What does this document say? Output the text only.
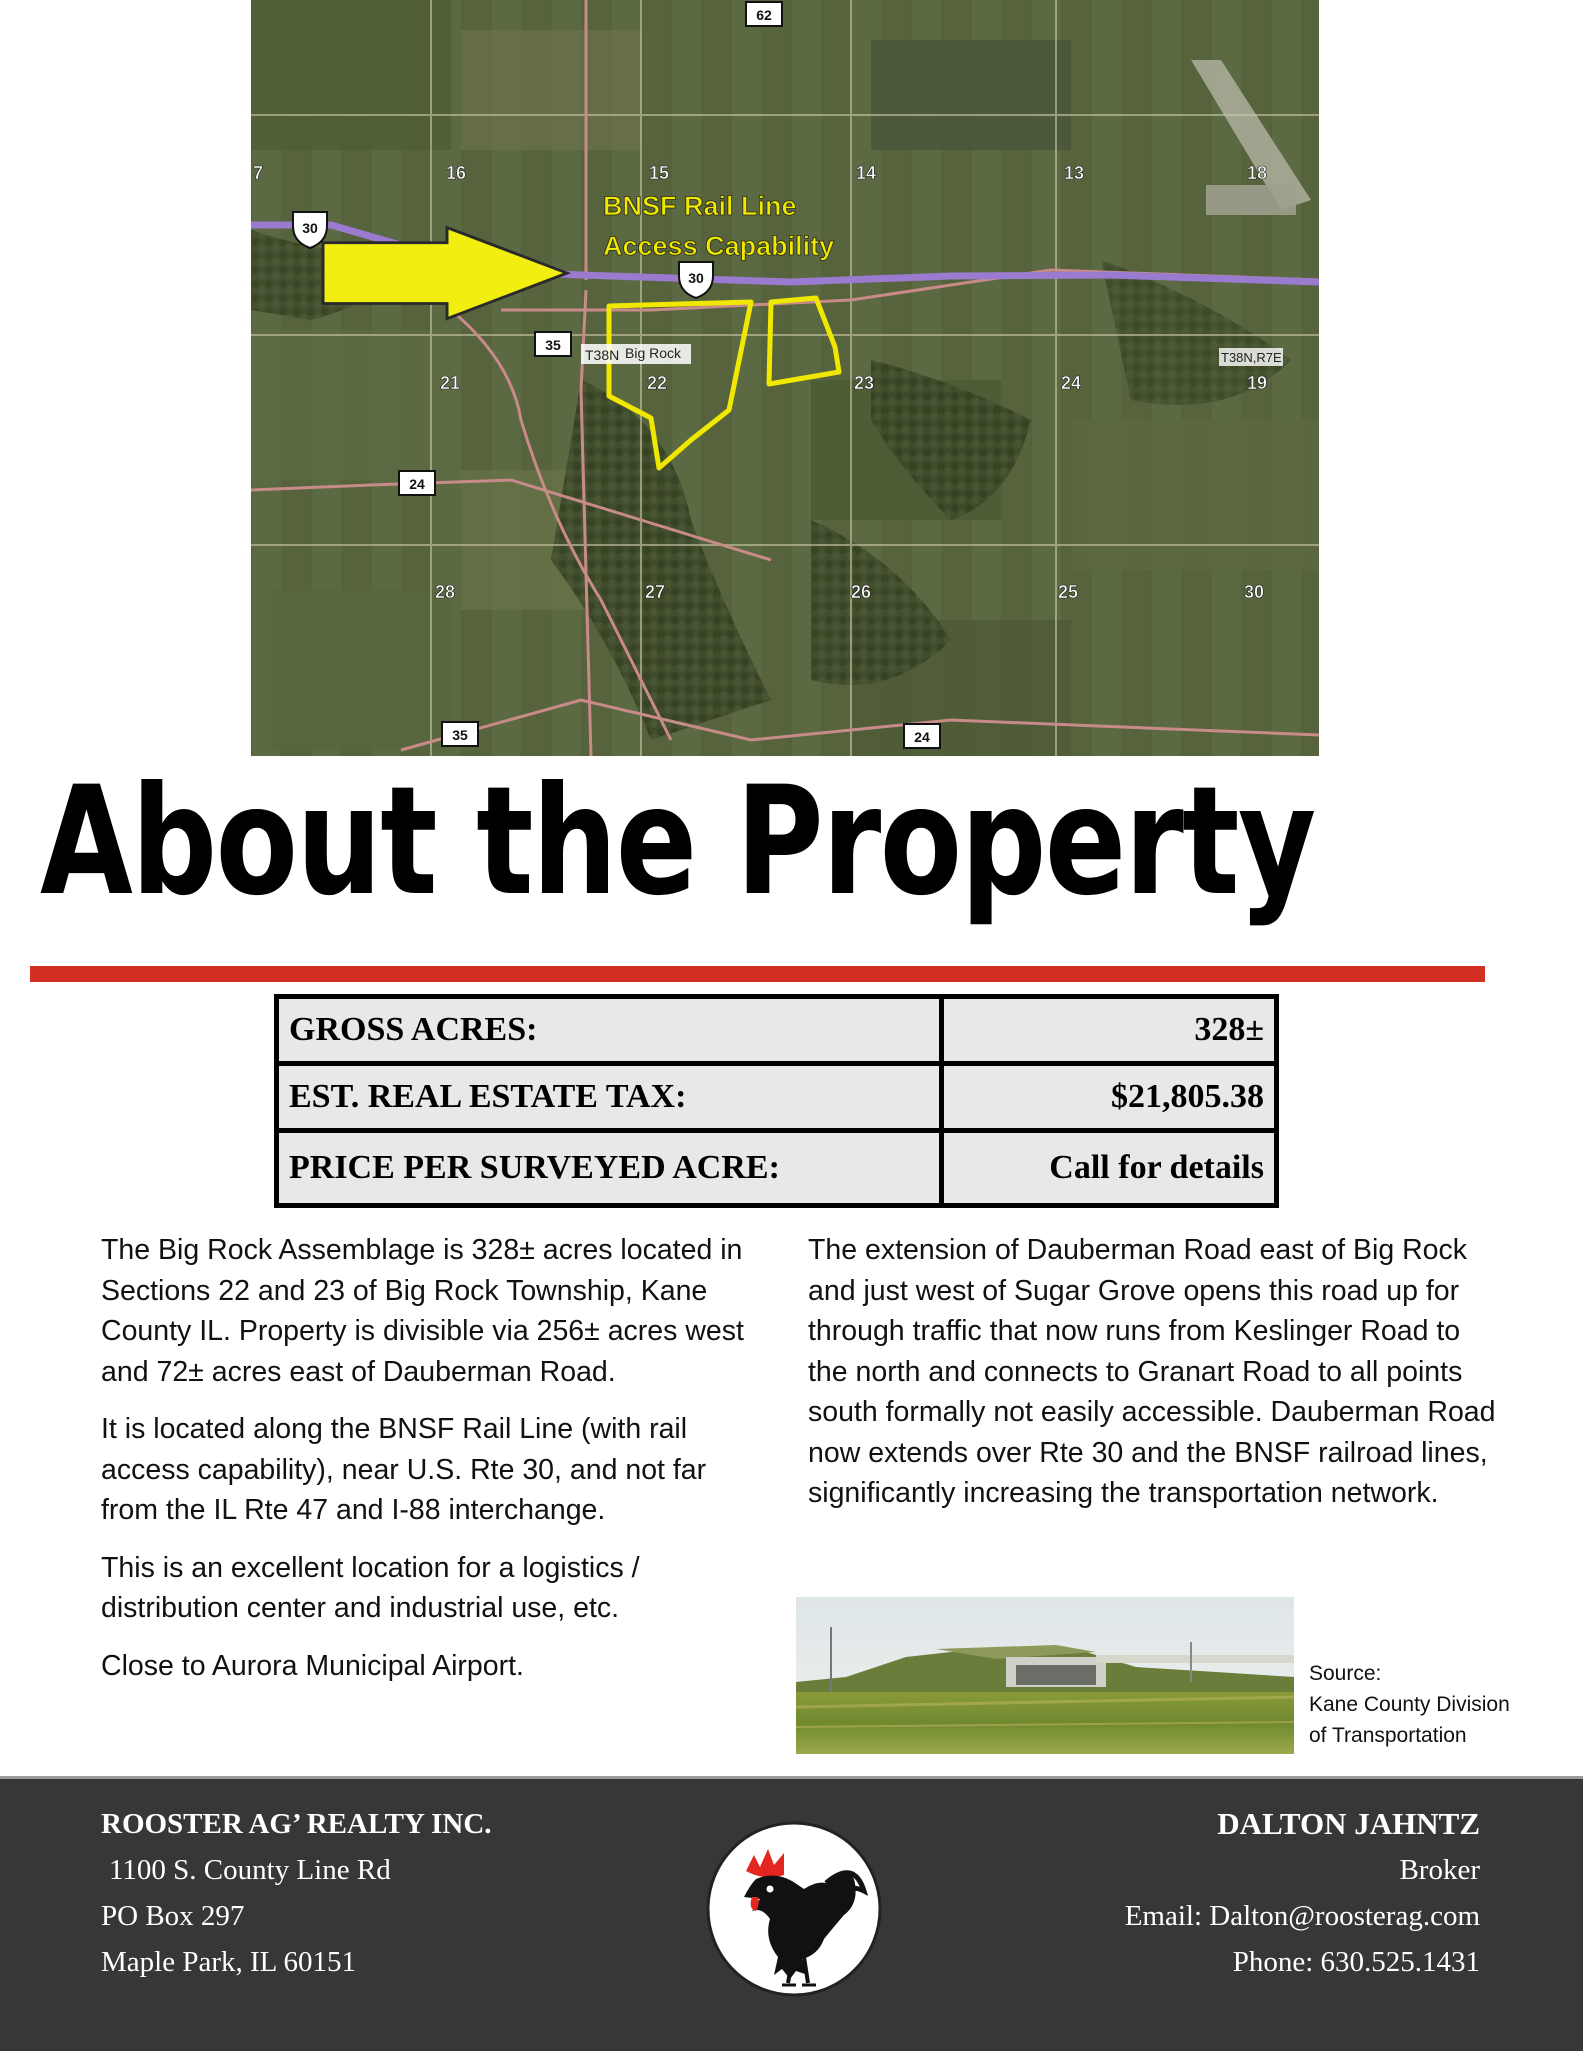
BNSF Rail Line
Access Capability
16	15	14	13	18
21	22	23	24	19
28	27	26	25	30
7
T38N Big Rock	T38N,R7E
62
30
30
35
24
35	24
About the Property
GROSS ACRES:	328±
EST. REAL ESTATE TAX:	$21,805.38
PRICE PER SURVEYED ACRE:	Call for details

The Big Rock Assemblage is 328± acres located in Sections 22 and 23 of Big Rock Township, Kane County IL. Property is divisible via 256± acres west and 72± acres east of Dauberman Road.

It is located along the BNSF Rail Line (with rail access capability), near U.S. Rte 30, and not far from the IL Rte 47 and I-88 interchange.

This is an excellent location for a logistics / distribution center and industrial use, etc.

Close to Aurora Municipal Airport.

The extension of Dauberman Road east of Big Rock and just west of Sugar Grove opens this road up for through traffic that now runs from Keslinger Road to the north and connects to Granart Road to all points south formally not easily accessible. Dauberman Road now extends over Rte 30 and the BNSF railroad lines, significantly increasing the transportation network.

Source:
Kane County Division
of Transportation
ROOSTER AG’ REALTY INC.
1100 S. County Line Rd
PO Box 297
Maple Park, IL 60151
DALTON JAHNTZ
Broker
Email: Dalton@roosterag.com
Phone: 630.525.1431
